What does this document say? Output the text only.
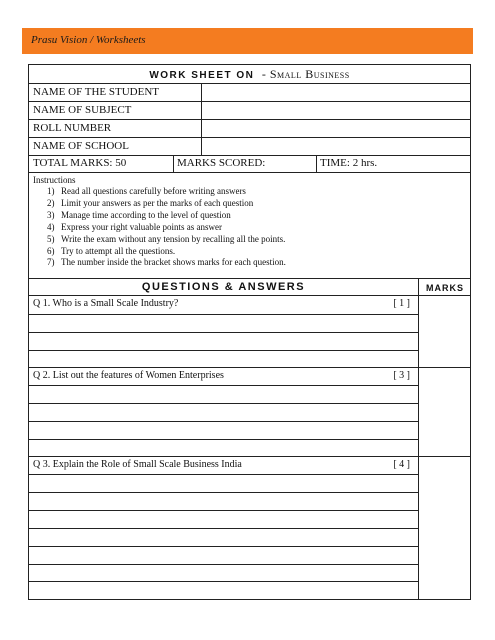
Prasu Vision / Worksheets
WORK SHEET ON - Small Business
NAME OF THE STUDENT
NAME OF SUBJECT
ROLL NUMBER
NAME OF SCHOOL
TOTAL MARKS: 50	MARKS SCORED:	TIME: 2 hrs.
Instructions
1) Read all questions carefully before writing answers
2) Limit your answers as per the marks of each question
3) Manage time according to the level of question
4) Express your right valuable points as answer
5) Write the exam without any tension by recalling all the points.
6) Try to attempt all the questions.
7) The number inside the bracket shows marks for each question.
QUESTIONS & ANSWERS	MARKS
Q 1. Who is a Small Scale Industry?	[ 1 ]
Q 2. List out the features of Women Enterprises	[ 3 ]
Q 3. Explain the Role of Small Scale Business India	[ 4 ]
